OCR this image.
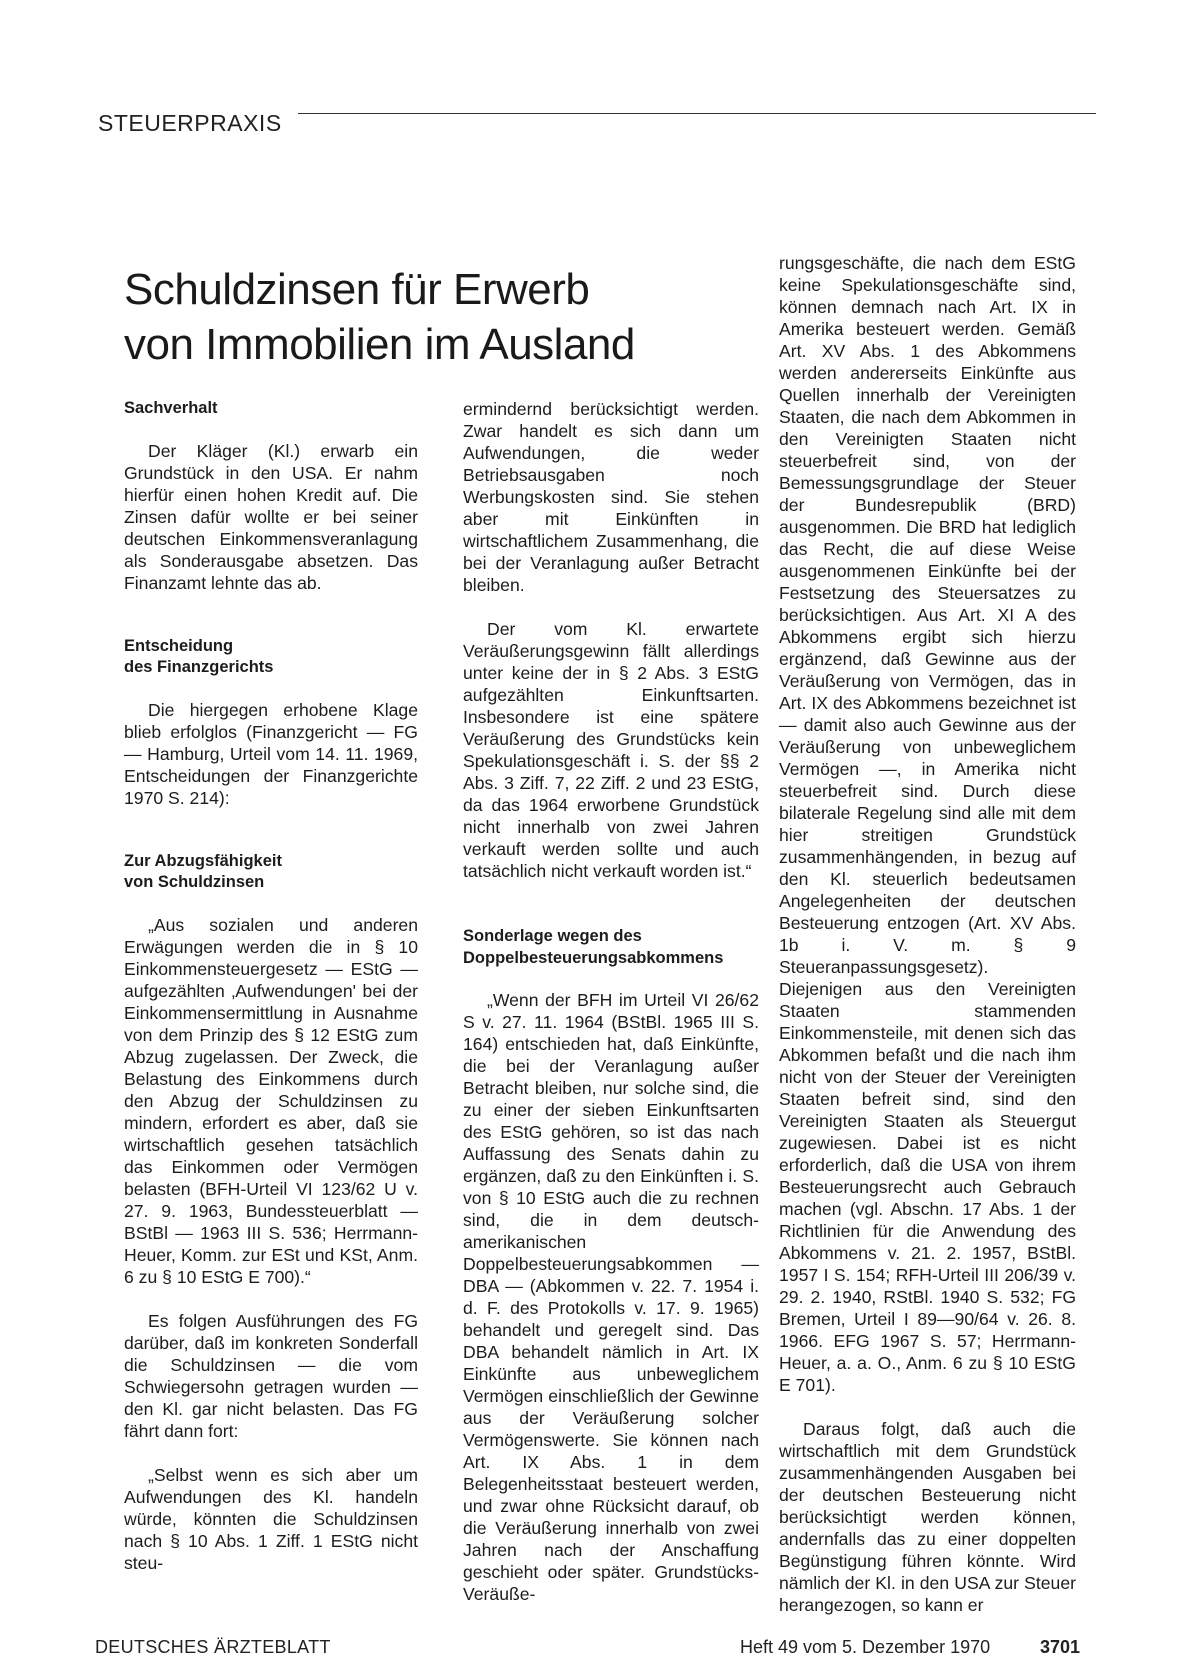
STEUERPRAXIS
Schuldzinsen für Erwerb
von Immobilien im Ausland
Sachverhalt

Der Kläger (Kl.) erwarb ein Grundstück in den USA. Er nahm hierfür einen hohen Kredit auf. Die Zinsen dafür wollte er bei seiner deutschen Einkommensveranlagung als Sonderausgabe absetzen. Das Finanzamt lehnte das ab.

Entscheidung
des Finanzgerichts

Die hiergegen erhobene Klage blieb erfolglos (Finanzgericht — FG — Hamburg, Urteil vom 14. 11. 1969, Entscheidungen der Finanzgerichte 1970 S. 214):

Zur Abzugsfähigkeit
von Schuldzinsen

„Aus sozialen und anderen Erwägungen werden die in § 10 Einkommensteuergesetz — EStG — aufgezählten ‚Aufwendungen' bei der Einkommensermittlung in Ausnahme von dem Prinzip des § 12 EStG zum Abzug zugelassen. Der Zweck, die Belastung des Einkommens durch den Abzug der Schuldzinsen zu mindern, erfordert es aber, daß sie wirtschaftlich gesehen tatsächlich das Einkommen oder Vermögen belasten (BFH-Urteil VI 123/62 U v. 27. 9. 1963, Bundessteuerblatt — BStBl — 1963 III S. 536; Herrmann-Heuer, Komm. zur ESt und KSt, Anm. 6 zu § 10 EStG E 700).“

Es folgen Ausführungen des FG darüber, daß im konkreten Sonderfall die Schuldzinsen — die vom Schwiegersohn getragen wurden — den Kl. gar nicht belasten. Das FG fährt dann fort:

„Selbst wenn es sich aber um Aufwendungen des Kl. handeln würde, könnten die Schuldzinsen nach § 10 Abs. 1 Ziff. 1 EStG nicht steu-

ermindernd berücksichtigt werden. Zwar handelt es sich dann um Aufwendungen, die weder Betriebsausgaben noch Werbungskosten sind. Sie stehen aber mit Einkünften in wirtschaftlichem Zusammenhang, die bei der Veranlagung außer Betracht bleiben.

Der vom Kl. erwartete Veräußerungsgewinn fällt allerdings unter keine der in § 2 Abs. 3 EStG aufgezählten Einkunftsarten. Insbesondere ist eine spätere Veräußerung des Grundstücks kein Spekulationsgeschäft i. S. der §§ 2 Abs. 3 Ziff. 7, 22 Ziff. 2 und 23 EStG, da das 1964 erworbene Grundstück nicht innerhalb von zwei Jahren verkauft werden sollte und auch tatsächlich nicht verkauft worden ist.“

Sonderlage wegen des
Doppelbesteuerungsabkommens

„Wenn der BFH im Urteil VI 26/62 S v. 27. 11. 1964 (BStBl. 1965 III S. 164) entschieden hat, daß Einkünfte, die bei der Veranlagung außer Betracht bleiben, nur solche sind, die zu einer der sieben Einkunftsarten des EStG gehören, so ist das nach Auffassung des Senats dahin zu ergänzen, daß zu den Einkünften i. S. von § 10 EStG auch die zu rechnen sind, die in dem deutsch-amerikanischen Doppelbesteuerungsabkommen — DBA — (Abkommen v. 22. 7. 1954 i. d. F. des Protokolls v. 17. 9. 1965) behandelt und geregelt sind. Das DBA behandelt nämlich in Art. IX Einkünfte aus unbeweglichem Vermögen einschließlich der Gewinne aus der Veräußerung solcher Vermögenswerte. Sie können nach Art. IX Abs. 1 in dem Belegenheitsstaat besteuert werden, und zwar ohne Rücksicht darauf, ob die Veräußerung innerhalb von zwei Jahren nach der Anschaffung geschieht oder später. Grundstücks-Veräuße-

rungsgeschäfte, die nach dem EStG keine Spekulationsgeschäfte sind, können demnach nach Art. IX in Amerika besteuert werden. Gemäß Art. XV Abs. 1 des Abkommens werden andererseits Einkünfte aus Quellen innerhalb der Vereinigten Staaten, die nach dem Abkommen in den Vereinigten Staaten nicht steuerbefreit sind, von der Bemessungsgrundlage der Steuer der Bundesrepublik (BRD) ausgenommen. Die BRD hat lediglich das Recht, die auf diese Weise ausgenommenen Einkünfte bei der Festsetzung des Steuersatzes zu berücksichtigen. Aus Art. XI A des Abkommens ergibt sich hierzu ergänzend, daß Gewinne aus der Veräußerung von Vermögen, das in Art. IX des Abkommens bezeichnet ist — damit also auch Gewinne aus der Veräußerung von unbeweglichem Vermögen —, in Amerika nicht steuerbefreit sind. Durch diese bilaterale Regelung sind alle mit dem hier streitigen Grundstück zusammenhängenden, in bezug auf den Kl. steuerlich bedeutsamen Angelegenheiten der deutschen Besteuerung entzogen (Art. XV Abs. 1b i. V. m. § 9 Steueranpassungsgesetz). Diejenigen aus den Vereinigten Staaten stammenden Einkommensteile, mit denen sich das Abkommen befaßt und die nach ihm nicht von der Steuer der Vereinigten Staaten befreit sind, sind den Vereinigten Staaten als Steuergut zugewiesen. Dabei ist es nicht erforderlich, daß die USA von ihrem Besteuerungsrecht auch Gebrauch machen (vgl. Abschn. 17 Abs. 1 der Richtlinien für die Anwendung des Abkommens v. 21. 2. 1957, BStBl. 1957 I S. 154; RFH-Urteil III 206/39 v. 29. 2. 1940, RStBl. 1940 S. 532; FG Bremen, Urteil I 89—90/64 v. 26. 8. 1966. EFG 1967 S. 57; Herrmann-Heuer, a. a. O., Anm. 6 zu § 10 EStG E 701).

Daraus folgt, daß auch die wirtschaftlich mit dem Grundstück zusammenhängenden Ausgaben bei der deutschen Besteuerung nicht berücksichtigt werden können, andernfalls das zu einer doppelten Begünstigung führen könnte. Wird nämlich der Kl. in den USA zur Steuer herangezogen, so kann er

DEUTSCHES ÄRZTEBLATT	Heft 49 vom 5. Dezember 1970	3701
